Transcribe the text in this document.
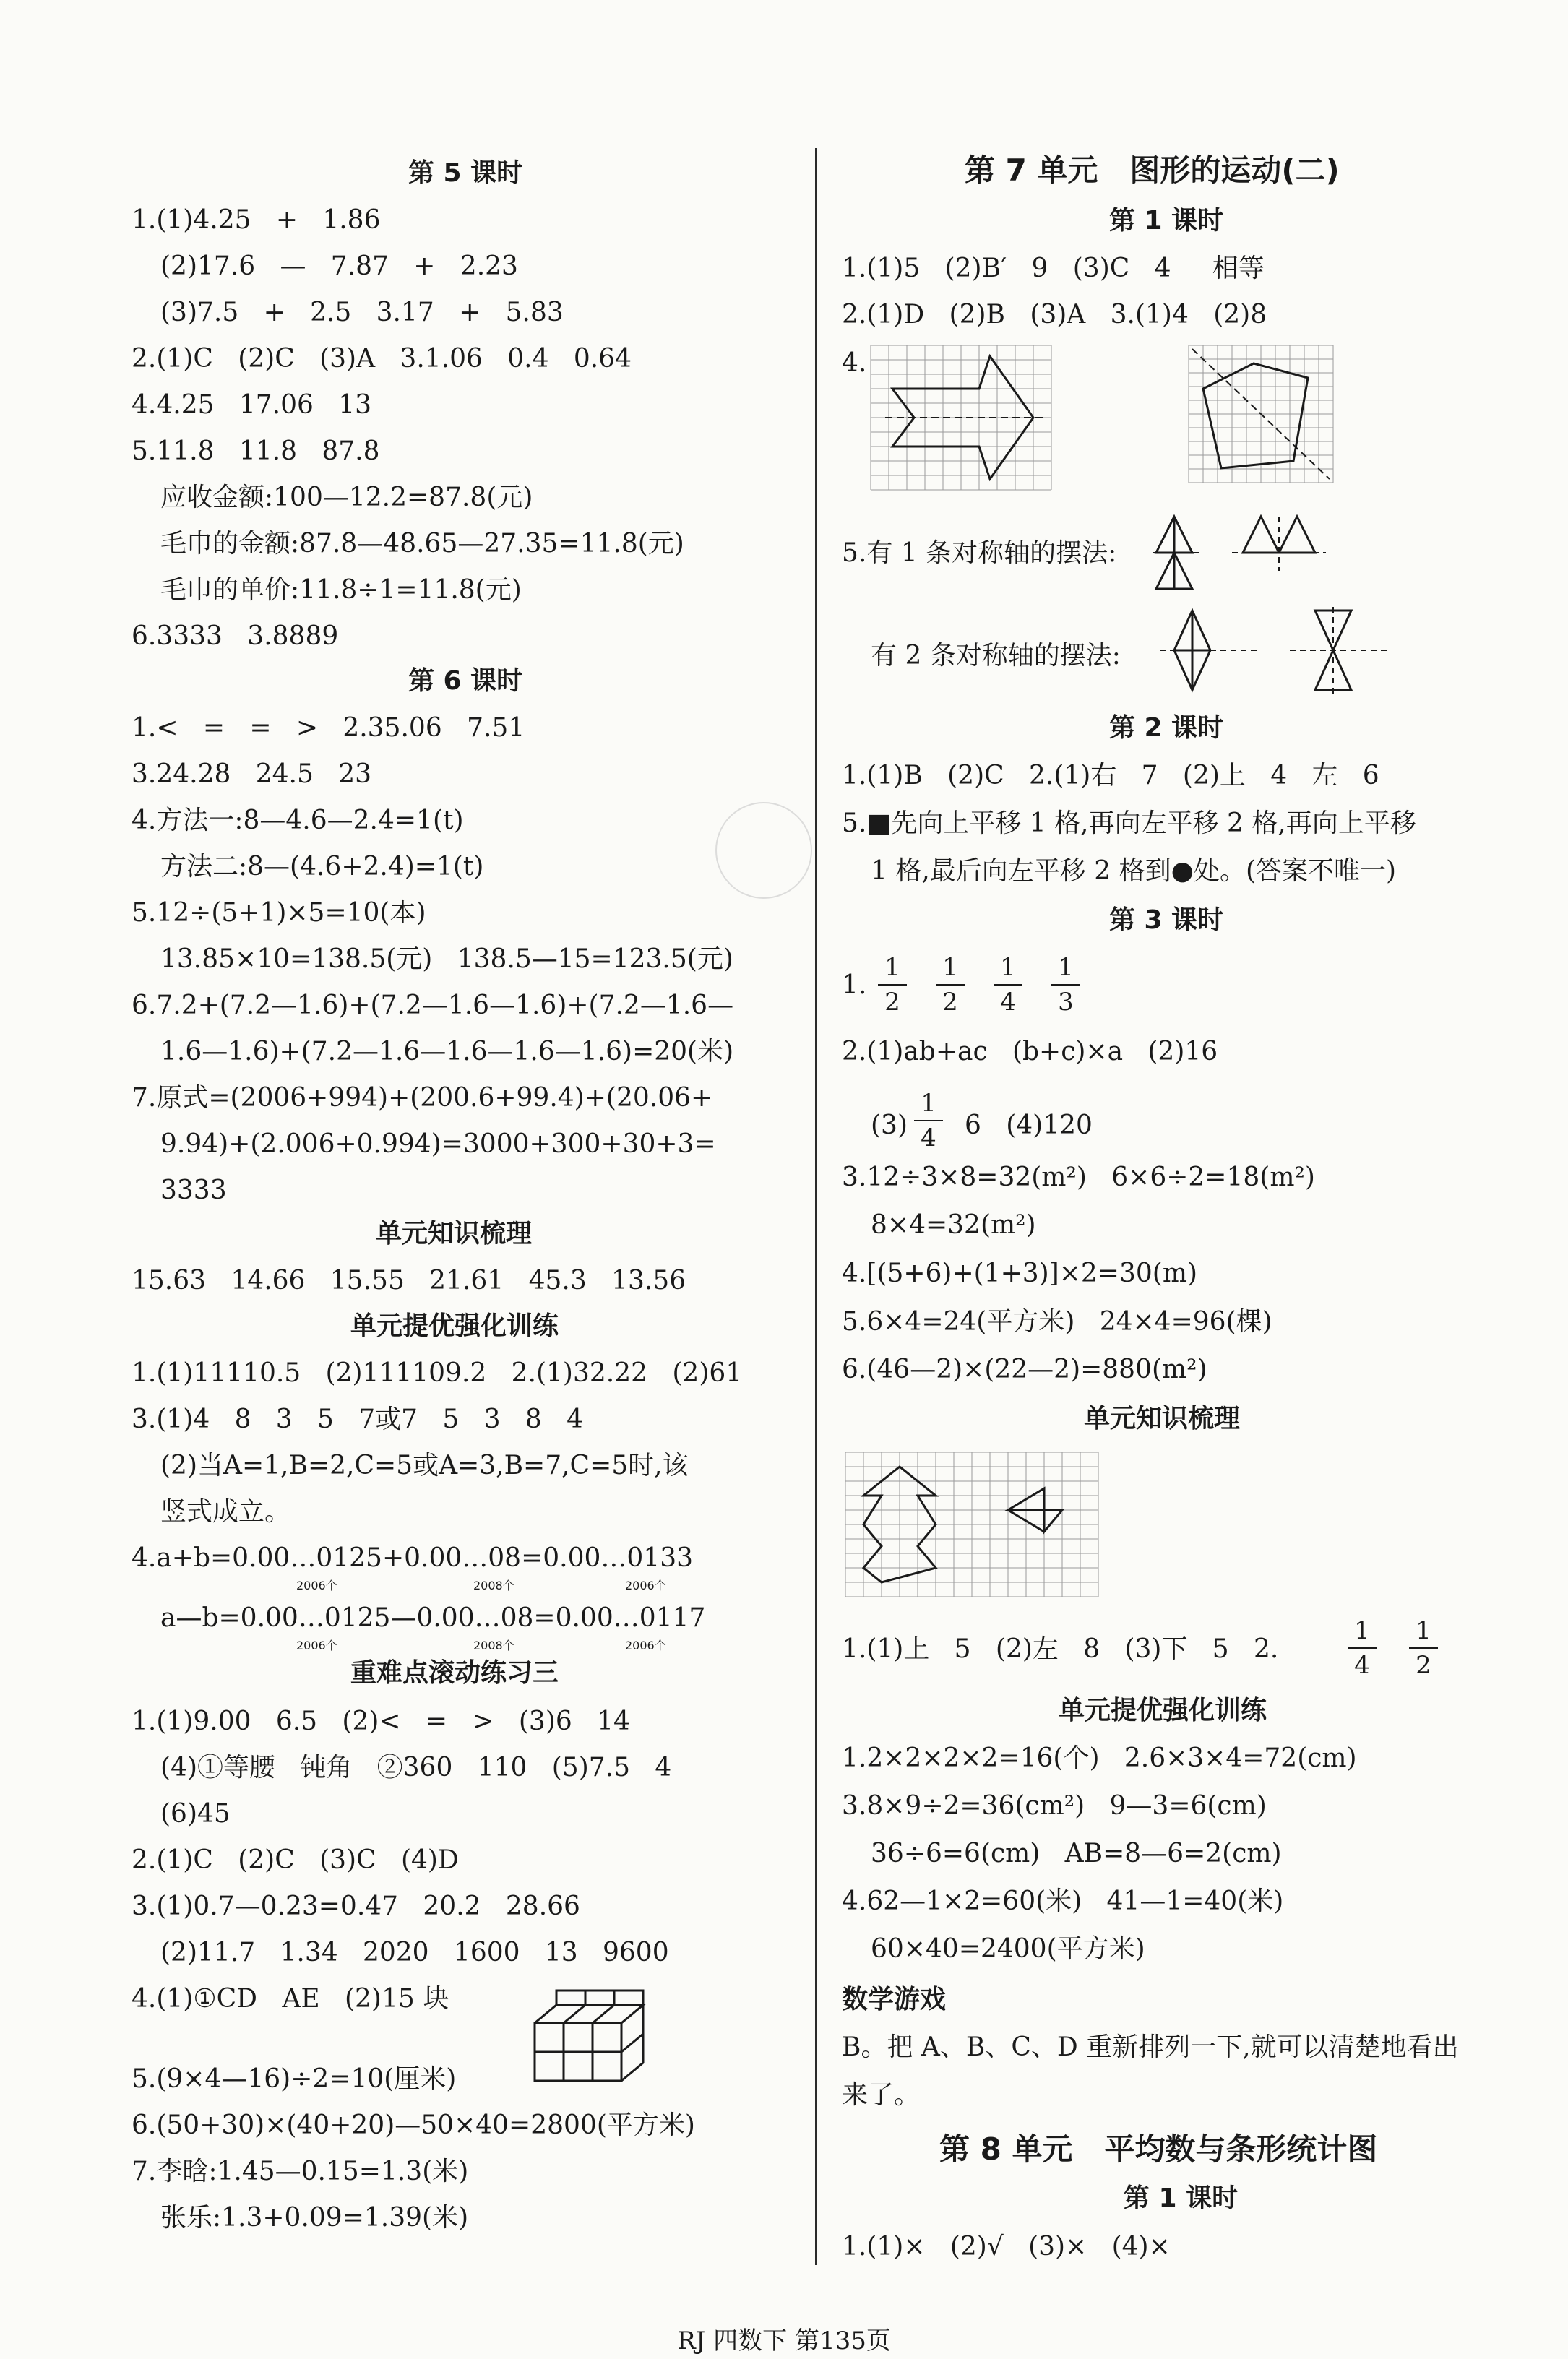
第 5 课时
1.(1)4.25   +   1.86
(2)17.6   —   7.87   +   2.23
(3)7.5   +   2.5   3.17   +   5.83
2.(1)C   (2)C   (3)A   3.1.06   0.4   0.64
4.4.25   17.06   13
5.11.8   11.8   87.8
应收金额:100—12.2=87.8(元)
毛巾的金额:87.8—48.65—27.35=11.8(元)
毛巾的单价:11.8÷1=11.8(元)
6.3333   3.8889
第 6 课时
1.<   =   =   >   2.35.06   7.51
3.24.28   24.5   23
4.方法一:8—4.6—2.4=1(t)
方法二:8—(4.6+2.4)=1(t)
5.12÷(5+1)×5=10(本)
13.85×10=138.5(元)   138.5—15=123.5(元)
6.7.2+(7.2—1.6)+(7.2—1.6—1.6)+(7.2—1.6—
1.6—1.6)+(7.2—1.6—1.6—1.6—1.6)=20(米)
7.原式=(2006+994)+(200.6+99.4)+(20.06+
9.94)+(2.006+0.994)=3000+300+30+3=
3333
单元知识梳理
15.63   14.66   15.55   21.61   45.3   13.56
单元提优强化训练
1.(1)11110.5   (2)111109.2   2.(1)32.22   (2)61
3.(1)4   8   3   5   7或7   5   3   8   4
(2)当A=1,B=2,C=5或A=3,B=7,C=5时,该
竖式成立。
4.a+b=0.00…0125+0.00…08=0.00…0133
2006个	2008个	2006个
a—b=0.00…0125—0.00…08=0.00…0117
2006个	2008个	2006个
重难点滚动练习三
1.(1)9.00   6.5   (2)<   =   >   (3)6   14
(4)①等腰   钝角   ②360   110   (5)7.5   4
(6)45
2.(1)C   (2)C   (3)C   (4)D
3.(1)0.7—0.23=0.47   20.2   28.66
(2)11.7   1.34   2020   1600   13   9600
4.(1)①CD   AE   (2)15 块
5.(9×4—16)÷2=10(厘米)
6.(50+30)×(40+20)—50×40=2800(平方米)
7.李晗:1.45—0.15=1.3(米)
张乐:1.3+0.09=1.39(米)
第 7 单元   图形的运动(二)
第 1 课时
1.(1)5   (2)B′   9   (3)C   4     相等
2.(1)D   (2)B   (3)A   3.(1)4   (2)8
4.
5.有 1 条对称轴的摆法:
有 2 条对称轴的摆法:
第 2 课时
1.(1)B   (2)C   2.(1)右   7   (2)上   4   左   6
5.■先向上平移 1 格,再向左平移 2 格,再向上平移
1 格,最后向左平移 2 格到●处。(答案不唯一)
第 3 课时
1.
1
2
1
2
1
4
1
3
2.(1)ab+ac   (b+c)×a   (2)16
(3)
1
4 6   (4)120
3.12÷3×8=32(m²)   6×6÷2=18(m²)
8×4=32(m²)
4.[(5+6)+(1+3)]×2=30(m)
5.6×4=24(平方米)   24×4=96(棵)
6.(46—2)×(22—2)=880(m²)
单元知识梳理
1.(1)上   5   (2)左   8   (3)下   5   2.
1
4
1
2
单元提优强化训练
1.2×2×2×2=16(个)   2.6×3×4=72(cm)
3.8×9÷2=36(cm²)   9—3=6(cm)
36÷6=6(cm)   AB=8—6=2(cm)
4.62—1×2=60(米)   41—1=40(米)
60×40=2400(平方米)
数学游戏
B。把 A、B、C、D 重新排列一下,就可以清楚地看出
来了。
第 8 单元   平均数与条形统计图
第 1 课时
1.(1)×   (2)√   (3)×   (4)×
RJ 四数下 第135页
